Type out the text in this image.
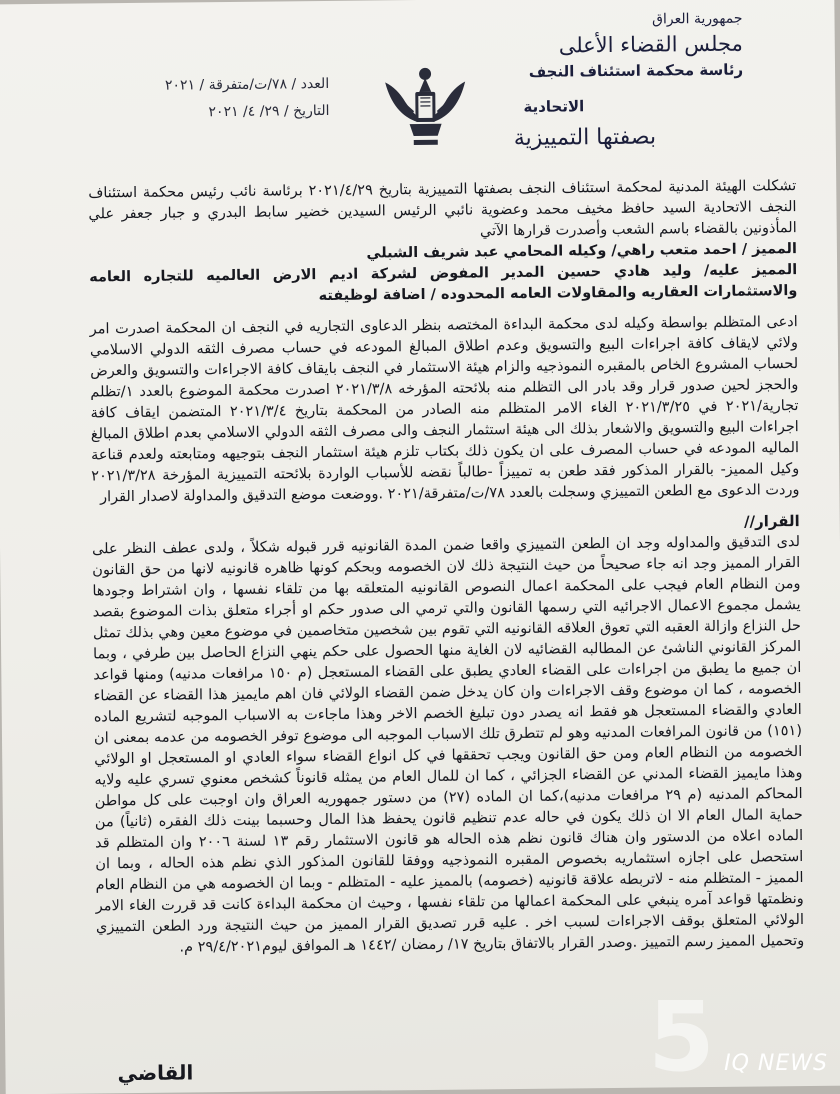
جمهورية العراق
مجلس القضاء الأعلى
رئاسة محكمة استئناف النجف
الاتحادية
بصفتها التمييزية
العدد / ٧٨/ت/متفرقة / ٢٠٢١
التاريخ / ٢٩/ ٤/ ٢٠٢١

تشكلت الهيئة المدنية لمحكمة استئناف النجف بصفتها التمييزية بتاريخ ٢٠٢١/٤/٢٩ برئاسة نائب رئيس محكمة استئناف النجف الاتحادية السيد حافظ مخيف محمد وعضوية نائبي الرئيس السيدين خضير سابط البدري و جبار جعفر علي المأذونين بالقضاء باسم الشعب وأصدرت قرارها الآتي

المميز / احمد متعب راهي/ وكيله المحامي عبد شريف الشبلي

المميز عليه/ وليد هادي حسين المدير المفوض لشركة اديم الارض العالميه للتجاره العامه والاستثمارات العقاريه والمقاولات العامه المحدوده / اضافة لوظيفته

ادعى المتظلم بواسطة وكيله لدى محكمة البداءة المختصه بنظر الدعاوى التجاريه في النجف ان المحكمة اصدرت امر ولائي لايقاف كافة اجراءات البيع والتسويق وعدم اطلاق المبالغ المودعه في حساب مصرف الثقه الدولي الاسلامي لحساب المشروع الخاص بالمقبره النموذجيه والزام هيئة الاستثمار في النجف بايقاف كافة الاجراءات والتسويق والعرض والحجز لحين صدور قرار وقد بادر الى التظلم منه بلائحته المؤرخه ٢٠٢١/٣/٨ اصدرت محكمة الموضوع بالعدد ١/تظلم تجارية/٢٠٢١ في ٢٠٢١/٣/٢٥ الغاء الامر المتظلم منه الصادر من المحكمة بتاريخ ٢٠٢١/٣/٤ المتضمن ايقاف كافة اجراءات البيع والتسويق والاشعار بذلك الى هيئة استثمار النجف والى مصرف الثقه الدولي الاسلامي بعدم اطلاق المبالغ الماليه المودعه في حساب المصرف على ان يكون ذلك بكتاب تلزم هيئة استثمار النجف بتوجيهه ومتابعته ولعدم قناعة وكيل المميز- بالقرار المذكور فقد طعن به تمييزاً -طالباً نقضه للأسباب الواردة بلائحته التمييزية المؤرخة ٢٠٢١/٣/٢٨ وردت الدعوى مع الطعن التمييزي وسجلت بالعدد ٧٨/ت/متفرقة/٢٠٢١ .ووضعت موضع التدقيق والمداولة لاصدار القرار

القرار//

لدى التدقيق والمداوله وجد ان الطعن التمييزي واقعا ضمن المدة القانونيه قرر قبوله شكلاً ، ولدى عطف النظر على القرار المميز وجد انه جاء صحيحاً من حيث النتيجة ذلك لان الخصومه وبحكم كونها ظاهره قانونيه لانها من حق القانون ومن النظام العام فيجب على المحكمة اعمال النصوص القانونيه المتعلقه بها من تلقاء نفسها ، وان اشتراط وجودها يشمل مجموع الاعمال الاجرائيه التي رسمها القانون والتي ترمي الى صدور حكم او أجراء متعلق بذات الموضوع بقصد حل النزاع وازالة العقبه التي تعوق العلاقه القانونيه التي تقوم بين شخصين متخاصمين في موضوع معين وهي بذلك تمثل المركز القانوني الناشئ عن المطالبه القضائيه لان الغاية منها الحصول على حكم ينهي النزاع الحاصل بين طرفي ، وبما ان جميع ما يطبق من اجراءات على القضاء العادي يطبق على القضاء المستعجل (م ١٥٠ مرافعات مدنيه) ومنها قواعد الخصومه ، كما ان موضوع وقف الاجراءات وان كان يدخل ضمن القضاء الولائي فان اهم مايميز هذا القضاء عن القضاء العادي والقضاء المستعجل هو فقط انه يصدر دون تبليغ الخصم الاخر وهذا ماجاءت به الاسباب الموجبه لتشريع الماده (١٥١) من قانون المرافعات المدنيه وهو لم تتطرق تلك الاسباب الموجبه الى موضوع توفر الخصومه من عدمه بمعنى ان الخصومه من النظام العام ومن حق القانون ويجب تحققها في كل انواع القضاء سواء العادي او المستعجل او الولائي وهذا مايميز القضاء المدني عن القضاء الجزائي ، كما ان للمال العام من يمثله قانوناً كشخص معنوي تسري عليه ولايه المحاكم المدنيه (م ٢٩ مرافعات مدنيه)،كما ان الماده (٢٧) من دستور جمهوريه العراق وان اوجبت على كل مواطن حماية المال العام الا ان ذلك يكون في حاله عدم تنظيم قانون يحفظ هذا المال وحسبما بينت ذلك الفقره (ثانياً) من الماده اعلاه من الدستور وان هناك قانون نظم هذه الحاله هو قانون الاستثمار رقم ١٣ لسنة ٢٠٠٦ وان المتظلم قد استحصل على اجازه استثماريه بخصوص المقبره النموذجيه ووفقا للقانون المذكور الذي نظم هذه الحاله ، وبما ان المميز - المتظلم منه - لاتربطه علاقة قانونيه (خصومه) بالمميز عليه - المتظلم - وبما ان الخصومه هي من النظام العام ونظمتها قواعد آمره ينبغي على المحكمة اعمالها من تلقاء نفسها ، وحيث ان محكمة البداءة كانت قد قررت الغاء الامر الولائي المتعلق بوقف الاجراءات لسبب اخر . عليه قرر تصديق القرار المميز من حيث النتيجة ورد الطعن التمييزي وتحميل المميز رسم التمييز .وصدر القرار بالاتفاق بتاريخ ١٧/ رمضان /١٤٤٢ هـ الموافق ليوم٢٩/٤/٢٠٢١ م.

القاضي	5 IQ NEWS
